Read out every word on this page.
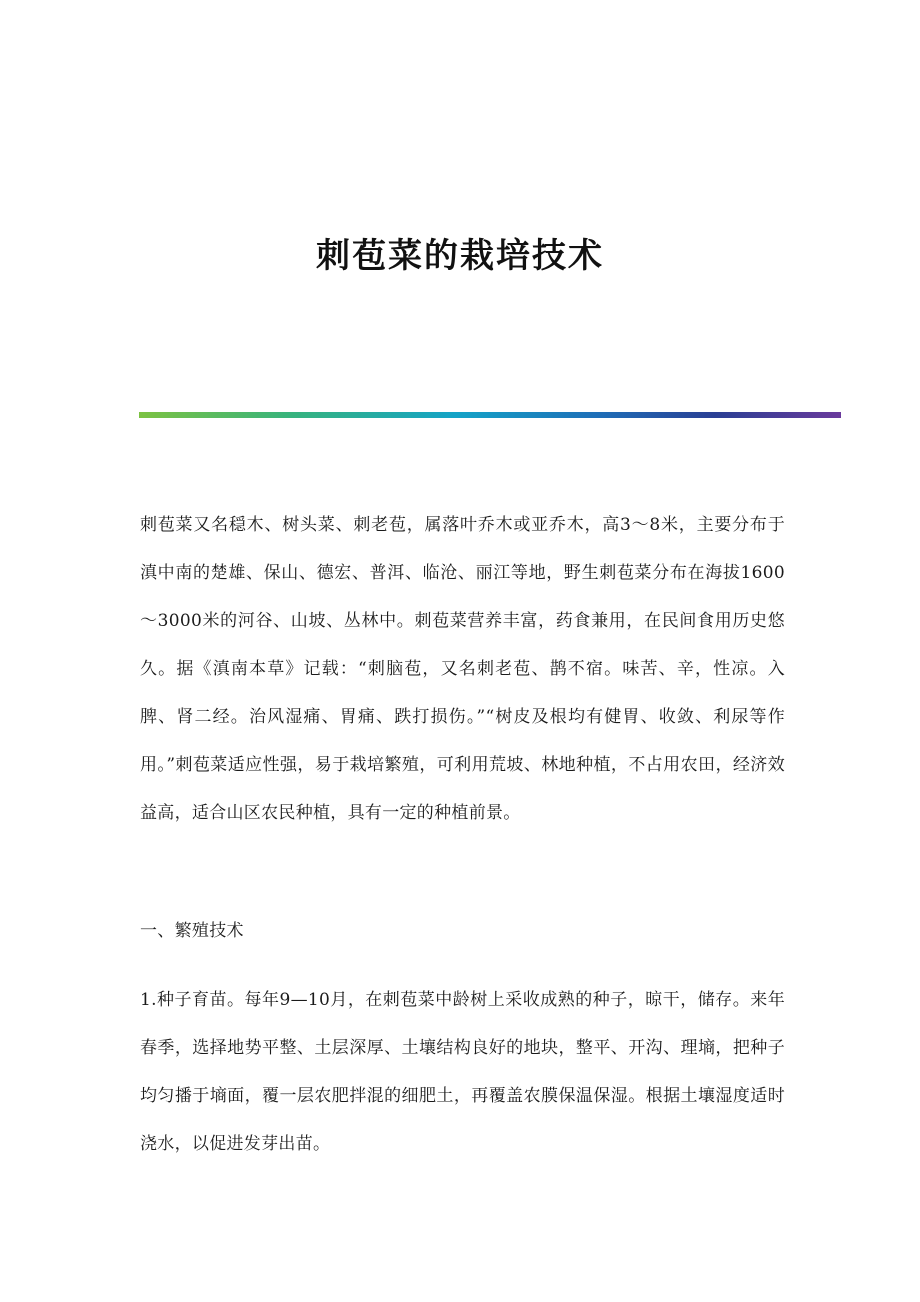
刺苞菜的栽培技术

刺苞菜又名穏木、树头菜、刺老苞，属落叶乔木或亚乔木，高3～8米，主要分布于滇中南的楚雄、保山、德宏、普洱、临沧、丽江等地，野生刺苞菜分布在海拔1600～3000米的河谷、山坡、丛林中。刺苞菜营养丰富，药食兼用，在民间食用历史悠久。据《滇南本草》记载：“刺脑苞，又名刺老苞、鹊不宿。味苦、辛，性凉。入脾、肾二经。治风湿痛、胃痛、跌打损伤。”“树皮及根均有健胃、收敛、利尿等作用。”刺苞菜适应性强，易于栽培繁殖，可利用荒坡、林地种植，不占用农田，经济效益高，适合山区农民种植，具有一定的种植前景。

一、繁殖技术

1.种子育苗。每年9—10月，在刺苞菜中龄树上采收成熟的种子，晾干，储存。来年春季，选择地势平整、土层深厚、土壤结构良好的地块，整平、开沟、理墒，把种子均匀播于墒面，覆一层农肥拌混的细肥土，再覆盖农膜保温保湿。根据土壤湿度适时浇水，以促进发芽出苗。
